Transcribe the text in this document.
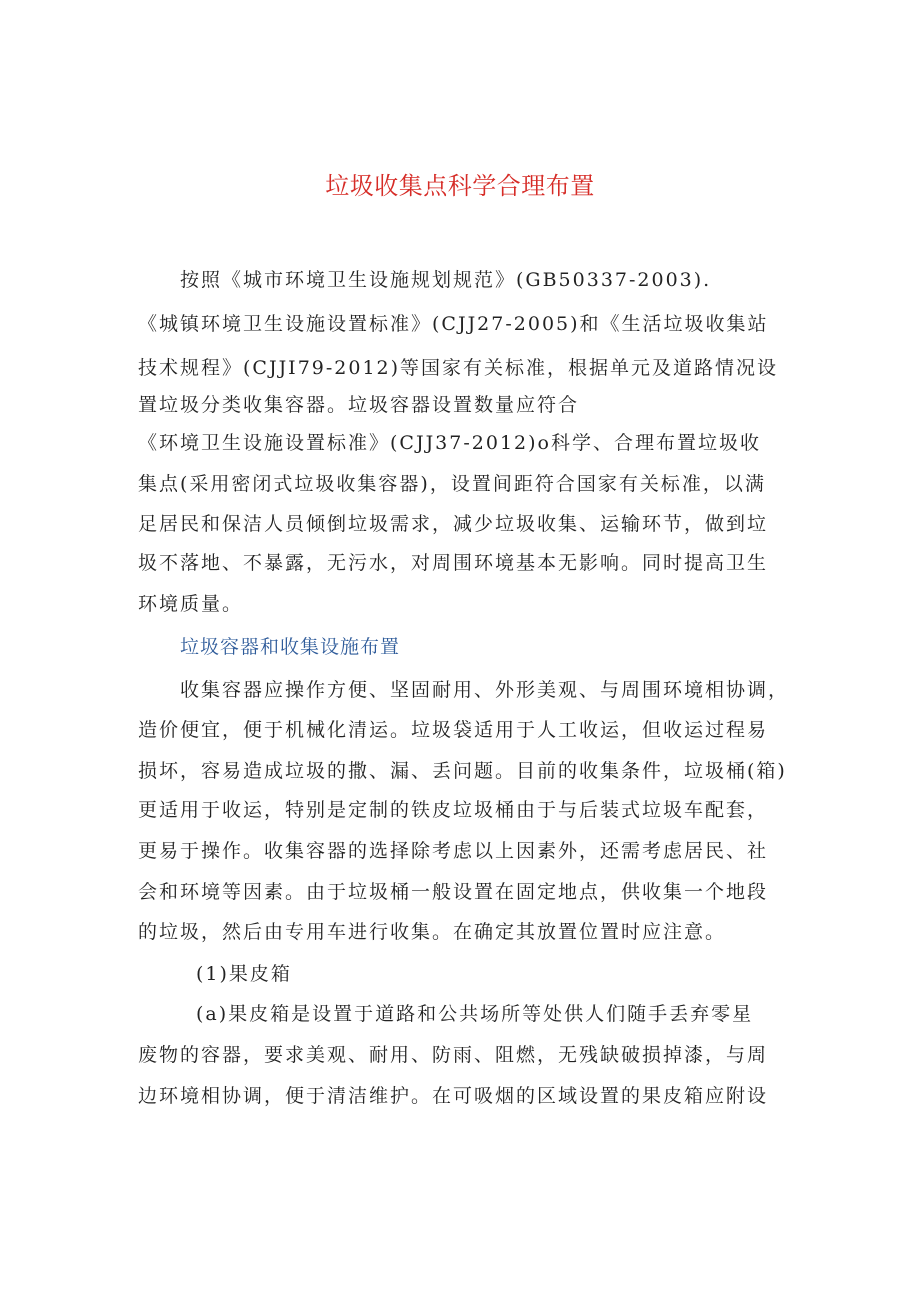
垃圾收集点科学合理布置

按照《城市环境卫生设施规划规范》(GB50337-2003).

《城镇环境卫生设施设置标准》(CJJ27-2005)和《生活垃圾收集站

技术规程》(CJJI79-2012)等国家有关标准，根据单元及道路情况设

置垃圾分类收集容器。垃圾容器设置数量应符合

《环境卫生设施设置标准》(CJJ37-2012)o科学、合理布置垃圾收

集点(采用密闭式垃圾收集容器)，设置间距符合国家有关标准，以满

足居民和保洁人员倾倒垃圾需求，减少垃圾收集、运输环节，做到垃

圾不落地、不暴露，无污水，对周围环境基本无影响。同时提高卫生

环境质量。

垃圾容器和收集设施布置

收集容器应操作方便、坚固耐用、外形美观、与周围环境相协调，

造价便宜，便于机械化清运。垃圾袋适用于人工收运，但收运过程易

损坏，容易造成垃圾的撒、漏、丢问题。目前的收集条件，垃圾桶(箱)

更适用于收运，特别是定制的铁皮垃圾桶由于与后装式垃圾车配套，

更易于操作。收集容器的选择除考虑以上因素外，还需考虑居民、社

会和环境等因素。由于垃圾桶一般设置在固定地点，供收集一个地段

的垃圾，然后由专用车进行收集。在确定其放置位置时应注意。

(1)果皮箱

(a)果皮箱是设置于道路和公共场所等处供人们随手丢弃零星

废物的容器，要求美观、耐用、防雨、阻燃，无残缺破损掉漆，与周

边环境相协调，便于清洁维护。在可吸烟的区域设置的果皮箱应附设
